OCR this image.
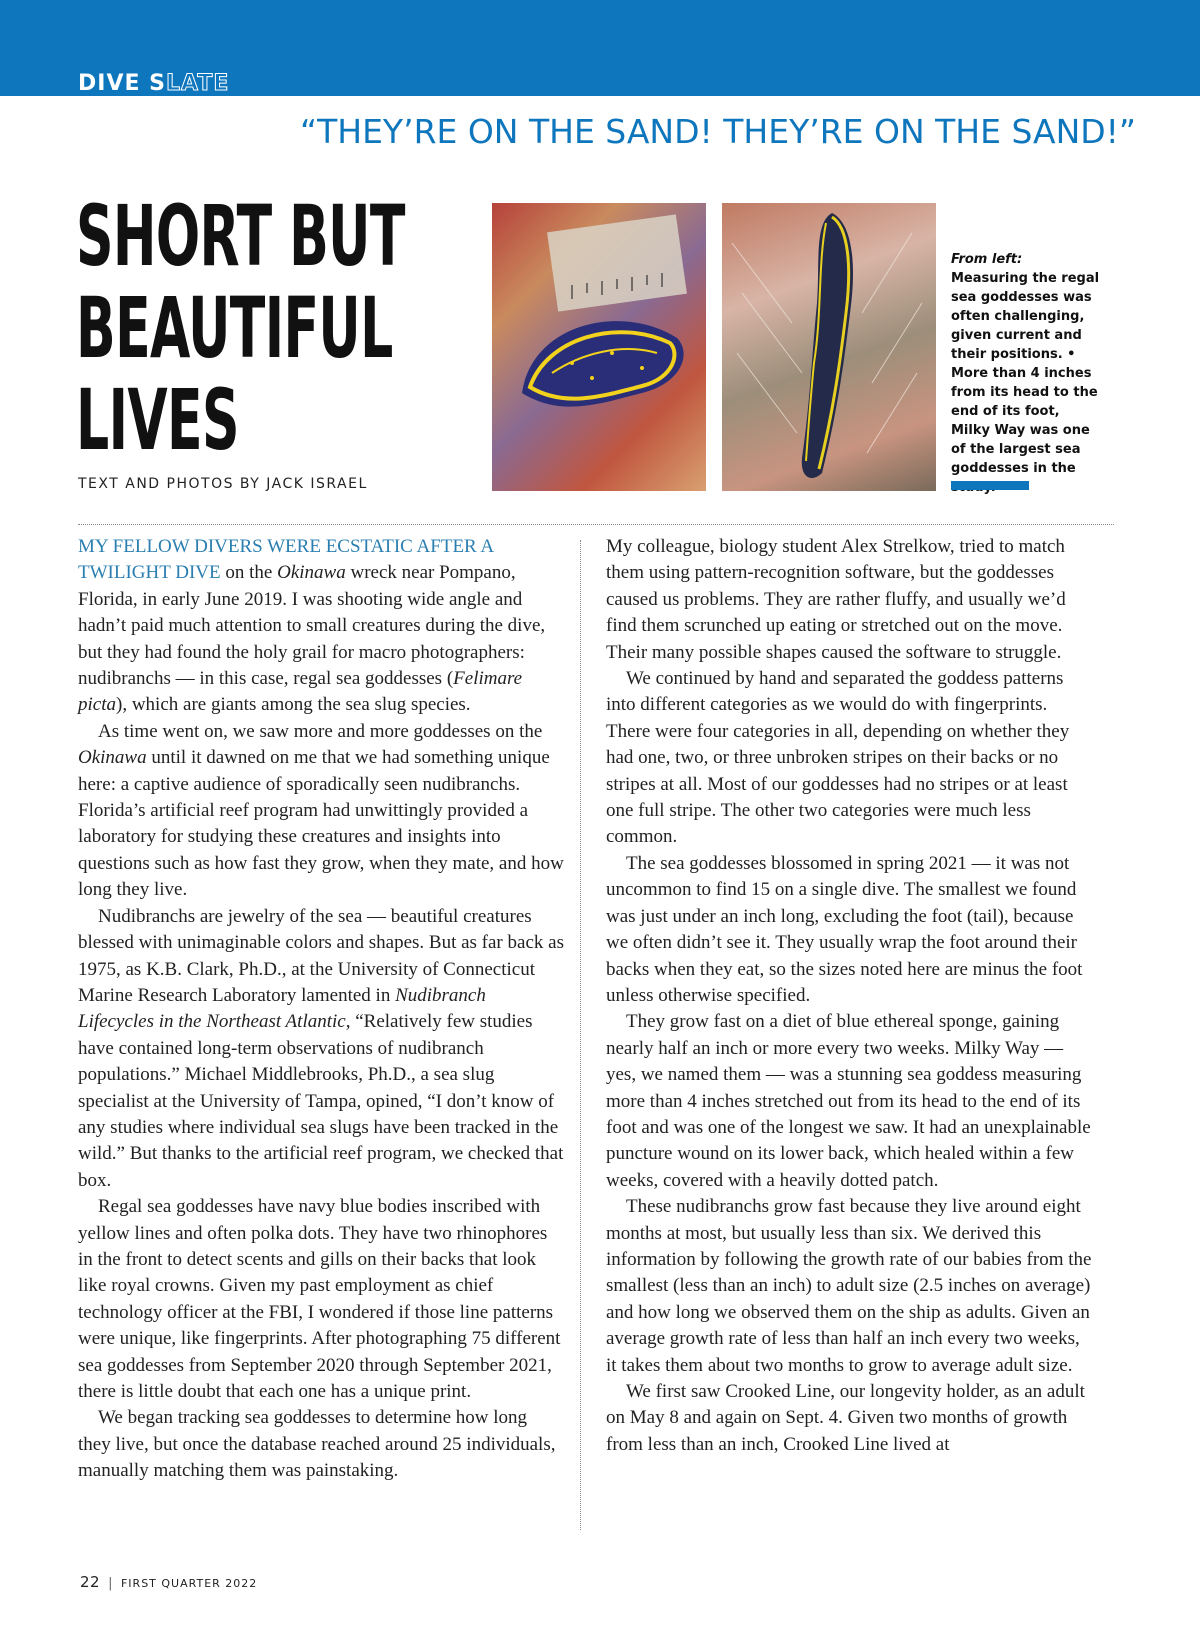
DIVE SLATE
“THEY’RE ON THE SAND! THEY’RE ON THE SAND!”
SHORT BUT
BEAUTIFUL
LIVES
TEXT AND PHOTOS BY JACK ISRAEL
From left: Measuring the regal sea goddesses was often challenging, given current and their positions. • More than 4 inches from its head to the end of its foot, Milky Way was one of the largest sea goddesses in the

MY FELLOW DIVERS WERE ECSTATIC AFTER A TWILIGHT DIVE on the Okinawa wreck near Pompano, Florida, in early June 2019. I was shooting wide angle and hadn’t paid much attention to small creatures during the dive, but they had found the holy grail for macro photographers: nudibranchs — in this case, regal sea goddesses (Felimare picta), which are giants among the sea slug species.

As time went on, we saw more and more goddesses on the Okinawa until it dawned on me that we had something unique here: a captive audience of sporadically seen nudibranchs. Florida’s artificial reef program had unwittingly provided a laboratory for studying these creatures and insights into questions such as how fast they grow, when they mate, and how long they live.

Nudibranchs are jewelry of the sea — beautiful creatures blessed with unimaginable colors and shapes. But as far back as 1975, as K.B. Clark, Ph.D., at the University of Connecticut Marine Research Laboratory lamented in Nudibranch Lifecycles in the Northeast Atlantic, “Relatively few studies have contained long-term observations of nudibranch populations.” Michael Middlebrooks, Ph.D., a sea slug specialist at the University of Tampa, opined, “I don’t know of any studies where individual sea slugs have been tracked in the wild.” But thanks to the artificial reef program, we checked that box.

Regal sea goddesses have navy blue bodies inscribed with yellow lines and often polka dots. They have two rhinophores in the front to detect scents and gills on their backs that look like royal crowns. Given my past employment as chief technology officer at the FBI, I wondered if those line patterns were unique, like fingerprints. After photographing 75 different sea goddesses from September 2020 through September 2021, there is little doubt that each one has a unique print.

We began tracking sea goddesses to determine how long they live, but once the database reached around 25 individuals, manually matching them was painstaking.

My colleague, biology student Alex Strelkow, tried to match them using pattern-recognition software, but the goddesses caused us problems. They are rather fluffy, and usually we’d find them scrunched up eating or stretched out on the move. Their many possible shapes caused the software to struggle.

We continued by hand and separated the goddess patterns into different categories as we would do with fingerprints. There were four categories in all, depending on whether they had one, two, or three unbroken stripes on their backs or no stripes at all. Most of our goddesses had no stripes or at least one full stripe. The other two categories were much less common.

The sea goddesses blossomed in spring 2021 — it was not uncommon to find 15 on a single dive. The smallest we found was just under an inch long, excluding the foot (tail), because we often didn’t see it. They usually wrap the foot around their backs when they eat, so the sizes noted here are minus the foot unless otherwise specified.

They grow fast on a diet of blue ethereal sponge, gaining nearly half an inch or more every two weeks. Milky Way — yes, we named them — was a stunning sea goddess measuring more than 4 inches stretched out from its head to the end of its foot and was one of the longest we saw. It had an unexplainable puncture wound on its lower back, which healed within a few weeks, covered with a heavily dotted patch.

These nudibranchs grow fast because they live around eight months at most, but usually less than six. We derived this information by following the growth rate of our babies from the smallest (less than an inch) to adult size (2.5 inches on average) and how long we observed them on the ship as adults. Given an average growth rate of less than half an inch every two weeks, it takes them about two months to grow to average adult size.

We first saw Crooked Line, our longevity holder, as an adult on May 8 and again on Sept. 4. Given two months of growth from less than an inch, Crooked Line lived at

22 | FIRST QUARTER 2022
